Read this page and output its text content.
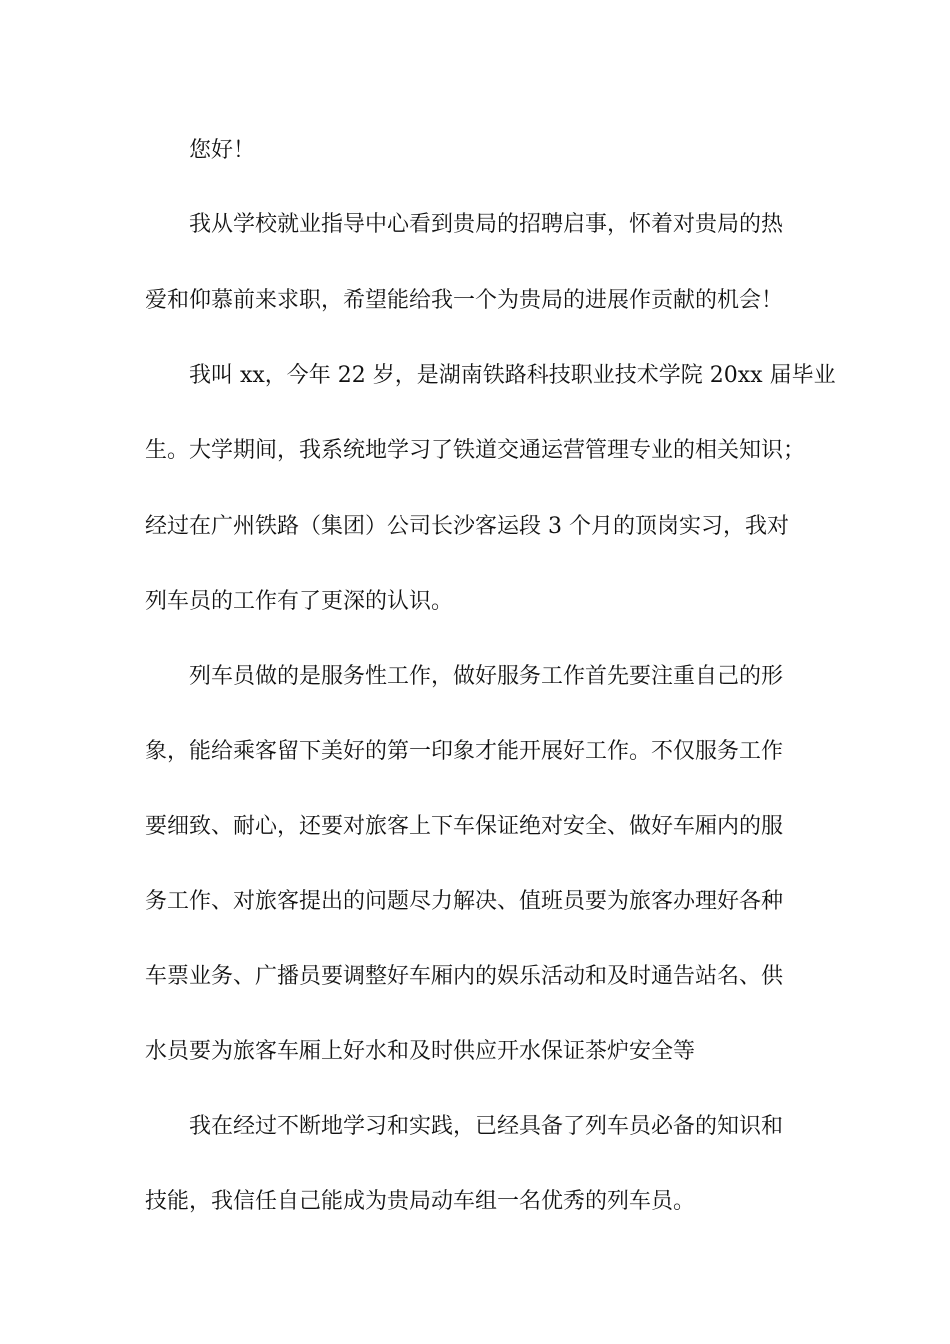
您好！
我从学校就业指导中心看到贵局的招聘启事，怀着对贵局的热
爱和仰慕前来求职，希望能给我一个为贵局的进展作贡献的机会！
我叫 xx，今年 22 岁，是湖南铁路科技职业技术学院 20xx 届毕业
生。大学期间，我系统地学习了铁道交通运营管理专业的相关知识；
经过在广州铁路（集团）公司长沙客运段 3 个月的顶岗实习，我对
列车员的工作有了更深的认识。
列车员做的是服务性工作，做好服务工作首先要注重自己的形
象，能给乘客留下美好的第一印象才能开展好工作。不仅服务工作
要细致、耐心，还要对旅客上下车保证绝对安全、做好车厢内的服
务工作、对旅客提出的问题尽力解决、值班员要为旅客办理好各种
车票业务、广播员要调整好车厢内的娱乐活动和及时通告站名、供
水员要为旅客车厢上好水和及时供应开水保证茶炉安全等
我在经过不断地学习和实践，已经具备了列车员必备的知识和
技能，我信任自己能成为贵局动车组一名优秀的列车员。
